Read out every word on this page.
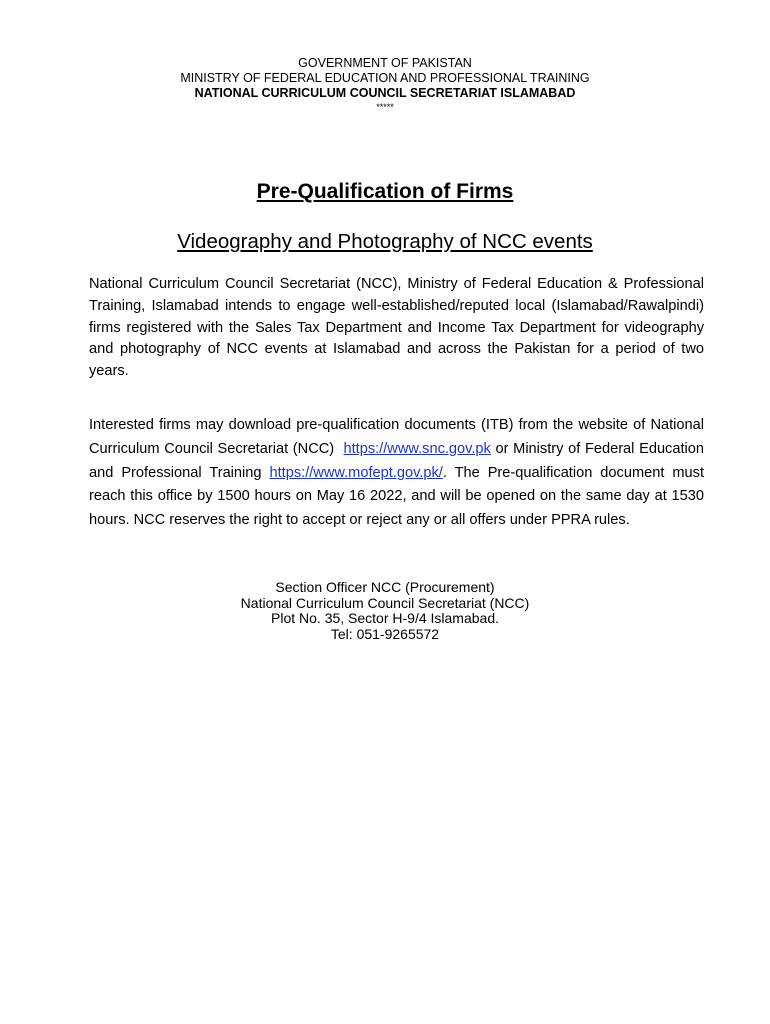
GOVERNMENT OF PAKISTAN
MINISTRY OF FEDERAL EDUCATION AND PROFESSIONAL TRAINING
NATIONAL CURRICULUM COUNCIL SECRETARIAT ISLAMABAD
*****
Pre-Qualification of Firms
Videography and Photography of NCC events
National Curriculum Council Secretariat (NCC), Ministry of Federal Education & Professional Training, Islamabad intends to engage well-established/reputed local (Islamabad/Rawalpindi) firms registered with the Sales Tax Department and Income Tax Department for videography and photography of NCC events at Islamabad and across the Pakistan for a period of two years.
Interested firms may download pre-qualification documents (ITB) from the website of National Curriculum Council Secretariat (NCC)  https://www.snc.gov.pk or Ministry of Federal Education and Professional Training https://www.mofept.gov.pk/. The Pre-qualification document must reach this office by 1500 hours on May 16 2022, and will be opened on the same day at 1530 hours. NCC reserves the right to accept or reject any or all offers under PPRA rules.
Section Officer NCC (Procurement)
National Curriculum Council Secretariat (NCC)
Plot No. 35, Sector H-9/4 Islamabad.
Tel: 051-9265572
